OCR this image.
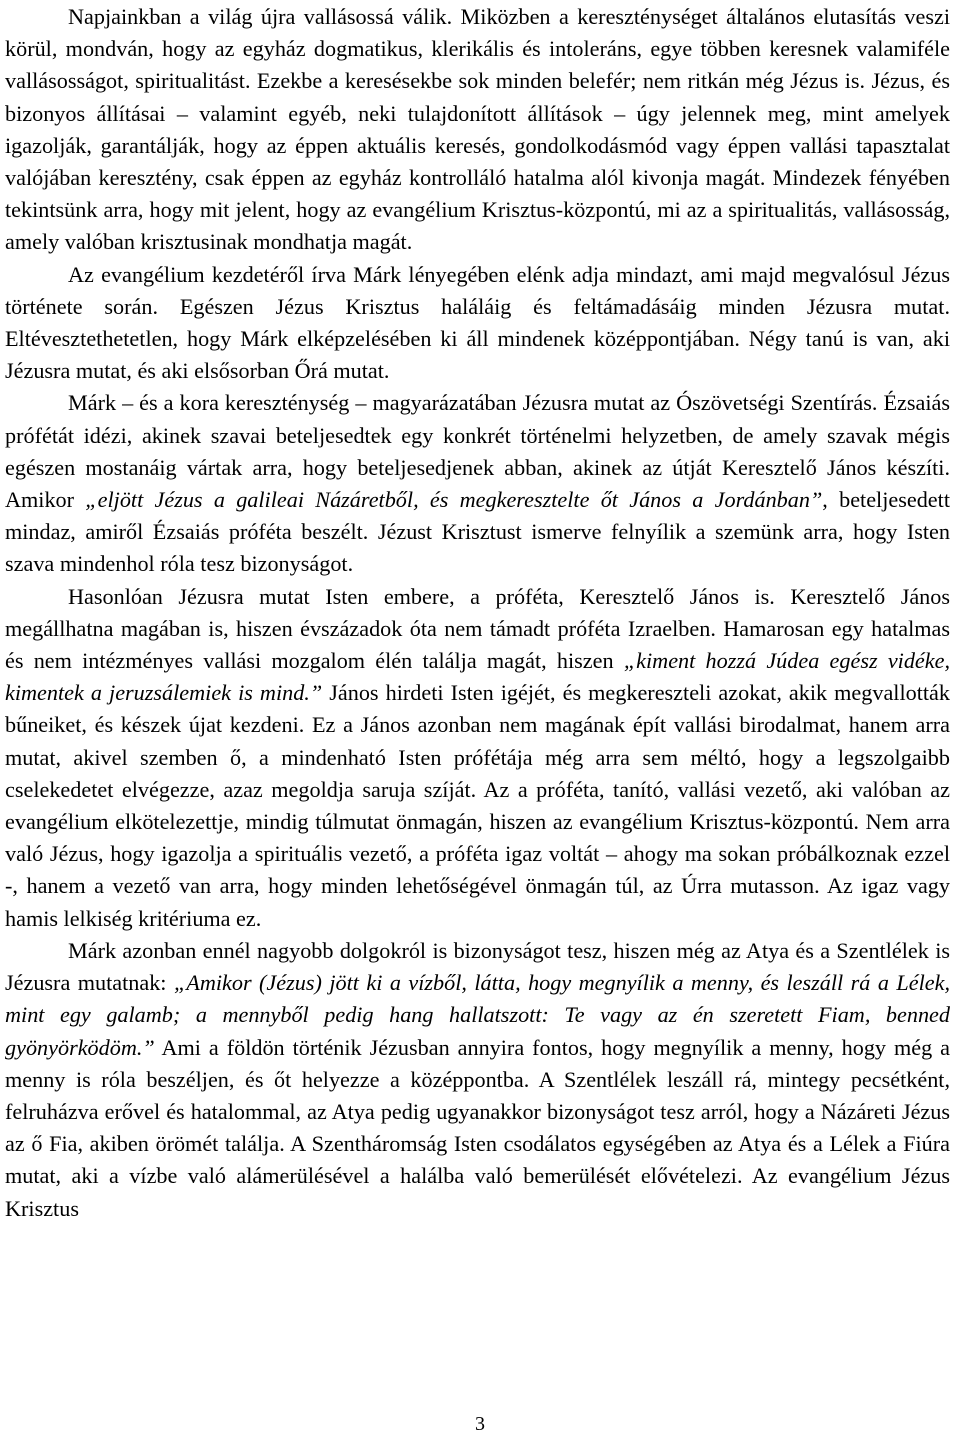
Napjainkban a világ újra vallásossá válik. Miközben a kereszténységet általános elutasítás veszi körül, mondván, hogy az egyház dogmatikus, klerikális és intoleráns, egye többen keresnek valamiféle vallásosságot, spiritualitást. Ezekbe a keresésekbe sok minden belefér; nem ritkán még Jézus is. Jézus, és bizonyos állításai – valamint egyéb, neki tulajdonított állítások – úgy jelennek meg, mint amelyek igazolják, garantálják, hogy az éppen aktuális keresés, gondolkodásmód vagy éppen vallási tapasztalat valójában keresztény, csak éppen az egyház kontrolláló hatalma alól kivonja magát. Mindezek fényében tekintsünk arra, hogy mit jelent, hogy az evangélium Krisztus-központú, mi az a spiritualitás, vallásosság, amely valóban krisztusinak mondhatja magát.

Az evangélium kezdetéről írva Márk lényegében elénk adja mindazt, ami majd megvalósul Jézus története során. Egészen Jézus Krisztus haláláig és feltámadásáig minden Jézusra mutat. Eltévesztethetetlen, hogy Márk elképzelésében ki áll mindenek középpontjában. Négy tanú is van, aki Jézusra mutat, és aki elsősorban Őrá mutat.

Márk – és a kora kereszténység – magyarázatában Jézusra mutat az Ószövetségi Szentírás. Ézsaiás prófétát idézi, akinek szavai beteljesedtek egy konkrét történelmi helyzetben, de amely szavak mégis egészen mostanáig vártak arra, hogy beteljesedjenek abban, akinek az útját Keresztelő János készíti. Amikor „eljött Jézus a galileai Názáretből, és megkeresztelte őt János a Jordánban”, beteljesedett mindaz, amiről Ézsaiás próféta beszélt. Jézust Krisztust ismerve felnyílik a szemünk arra, hogy Isten szava mindenhol róla tesz bizonyságot.

Hasonlóan Jézusra mutat Isten embere, a próféta, Keresztelő János is. Keresztelő János megállhatna magában is, hiszen évszázadok óta nem támadt próféta Izraelben. Hamarosan egy hatalmas és nem intézményes vallási mozgalom élén találja magát, hiszen „kiment hozzá Júdea egész vidéke, kimentek a jeruzsálemiek is mind.” János hirdeti Isten igéjét, és megkereszteli azokat, akik megvallották bűneiket, és készek újat kezdeni. Ez a János azonban nem magának épít vallási birodalmat, hanem arra mutat, akivel szemben ő, a mindenható Isten prófétája még arra sem méltó, hogy a legszolgaibb cselekedetet elvégezze, azaz megoldja saruja szíját. Az a próféta, tanító, vallási vezető, aki valóban az evangélium elkötelezettje, mindig túlmutat önmagán, hiszen az evangélium Krisztus-központú. Nem arra való Jézus, hogy igazolja a spirituális vezető, a próféta igaz voltát – ahogy ma sokan próbálkoznak ezzel -, hanem a vezető van arra, hogy minden lehetőségével önmagán túl, az Úrra mutasson. Az igaz vagy hamis lelkiség kritériuma ez.

Márk azonban ennél nagyobb dolgokról is bizonyságot tesz, hiszen még az Atya és a Szentlélek is Jézusra mutatnak: „Amikor (Jézus) jött ki a vízből, látta, hogy megnyílik a menny, és leszáll rá a Lélek, mint egy galamb; a mennyből pedig hang hallatszott: Te vagy az én szeretett Fiam, benned gyönyörködöm.” Ami a földön történik Jézusban annyira fontos, hogy megnyílik a menny, hogy még a menny is róla beszéljen, és őt helyezze a középpontba. A Szentlélek leszáll rá, mintegy pecsétként, felruházva erővel és hatalommal, az Atya pedig ugyanakkor bizonyságot tesz arról, hogy a Názáreti Jézus az ő Fia, akiben örömét találja. A Szentháromság Isten csodálatos egységében az Atya és a Lélek a Fiúra mutat, aki a vízbe való alámerülésével a halálba való bemerülését elővételezi. Az evangélium Jézus Krisztus

3
